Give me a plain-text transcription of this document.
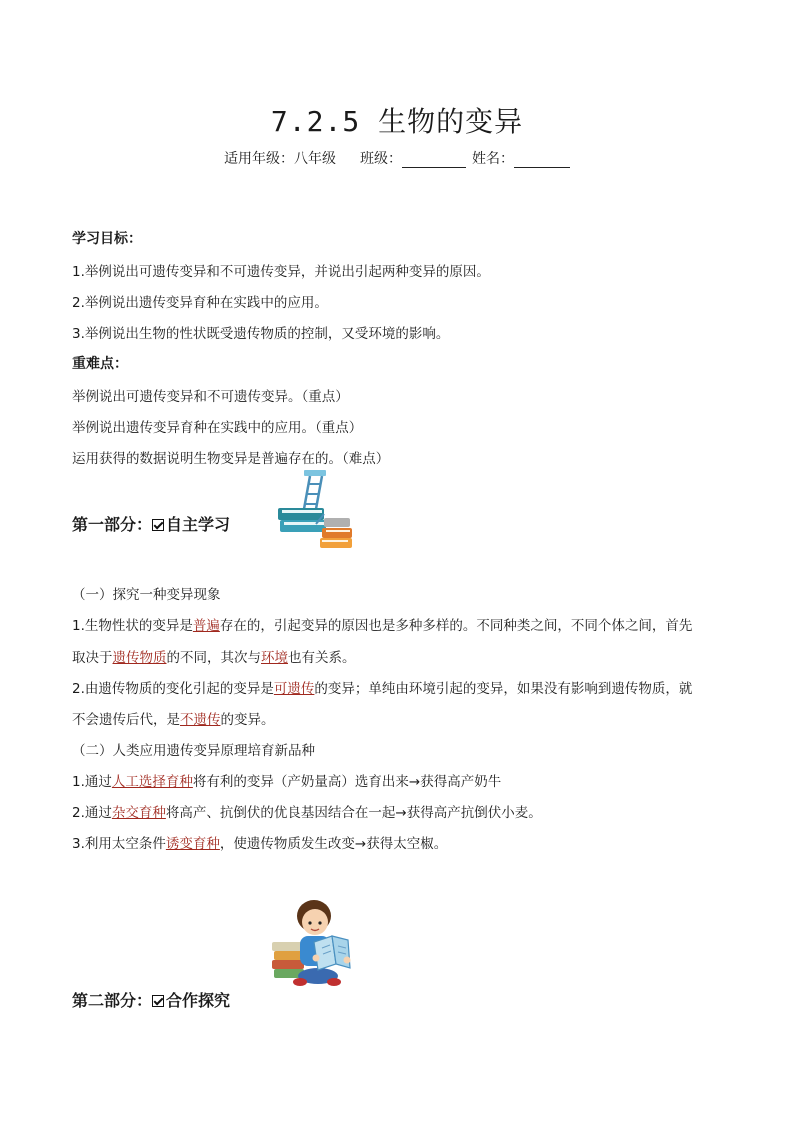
7.2.5 生物的变异
适用年级：八年级 班级：	姓名：
学习目标：
1.举例说出可遗传变异和不可遗传变异，并说出引起两种变异的原因。
2.举例说出遗传变异育种在实践中的应用。
3.举例说出生物的性状既受遗传物质的控制，又受环境的影响。
重难点：
举例说出可遗传变异和不可遗传变异。（重点）
举例说出遗传变异育种在实践中的应用。（重点）
运用获得的数据说明生物变异是普遍存在的。（难点）
第一部分： 自主学习
（一）探究一种变异现象
1.生物性状的变异是普遍存在的，引起变异的原因也是多种多样的。不同种类之间，不同个体之间，首先
取决于遗传物质的不同，其次与环境也有关系。
2.由遗传物质的变化引起的变异是可遗传的变异；单纯由环境引起的变异，如果没有影响到遗传物质，就
不会遗传后代，是不遗传的变异。
（二）人类应用遗传变异原理培育新品种
1.通过人工选择育种将有利的变异（产奶量高）选育出来→获得高产奶牛
2.通过杂交育种将高产、抗倒伏的优良基因结合在一起→获得高产抗倒伏小麦。
3.利用太空条件诱变育种，使遗传物质发生改变→获得太空椒。
第二部分： 合作探究
